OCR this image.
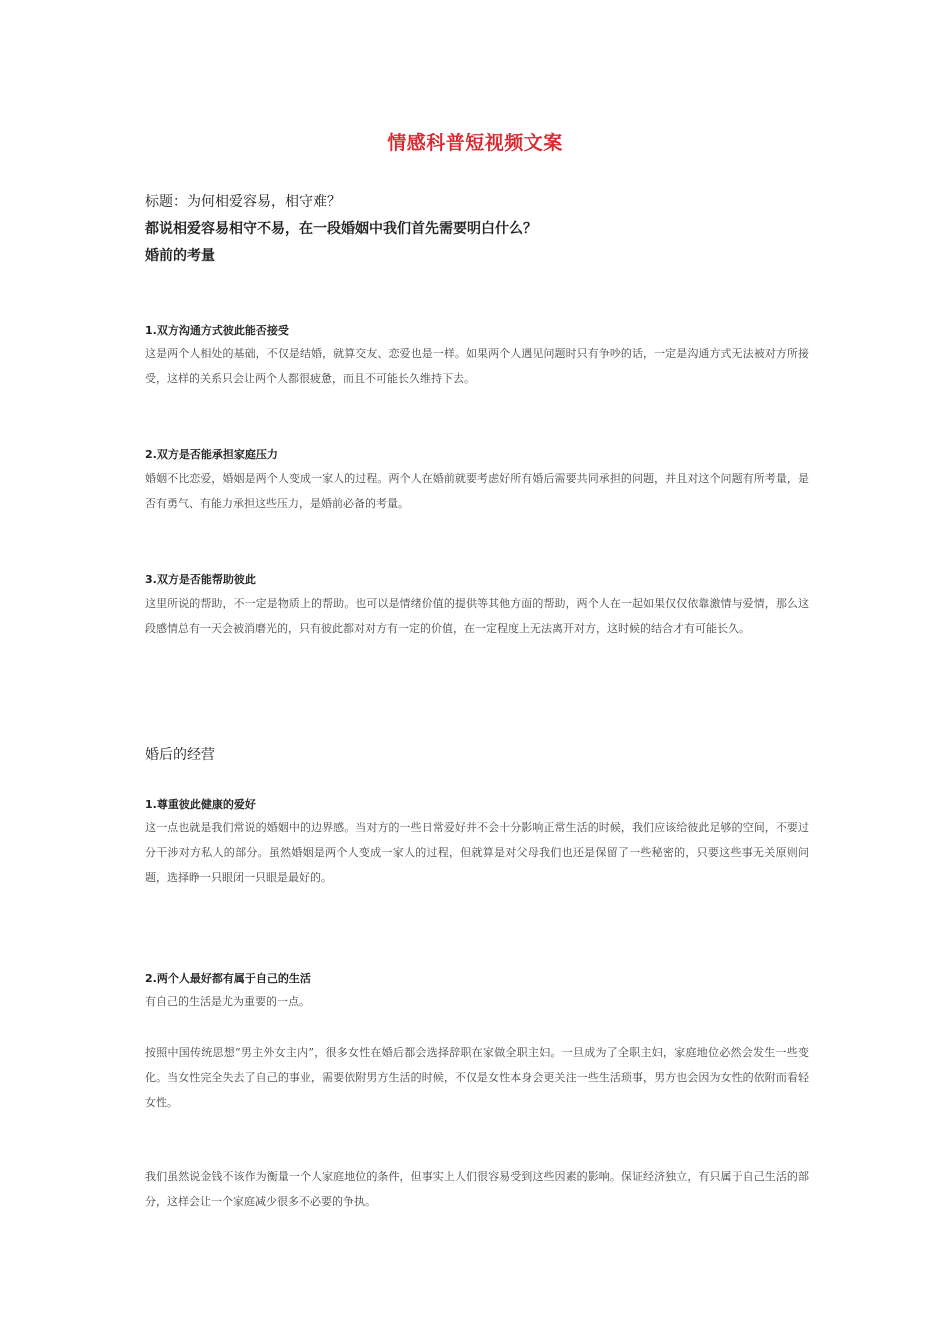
情感科普短视频文案
标题：为何相爱容易，相守难？
都说相爱容易相守不易，在一段婚姻中我们首先需要明白什么？
婚前的考量
1.双方沟通方式彼此能否接受
这是两个人相处的基础，不仅是结婚，就算交友、恋爱也是一样。如果两个人遇见问题时只有争吵的话，一定是沟通方式无法被对方所接受，这样的关系只会让两个人都很疲惫，而且不可能长久维持下去。
2.双方是否能承担家庭压力
婚姻不比恋爱，婚姻是两个人变成一家人的过程。两个人在婚前就要考虑好所有婚后需要共同承担的问题，并且对这个问题有所考量，是否有勇气、有能力承担这些压力，是婚前必备的考量。
3.双方是否能帮助彼此
这里所说的帮助，不一定是物质上的帮助。也可以是情绪价值的提供等其他方面的帮助，两个人在一起如果仅仅依靠激情与爱情，那么这段感情总有一天会被消磨光的，只有彼此都对对方有一定的价值，在一定程度上无法离开对方，这时候的结合才有可能长久。
婚后的经营
1.尊重彼此健康的爱好
这一点也就是我们常说的婚姻中的边界感。当对方的一些日常爱好并不会十分影响正常生活的时候，我们应该给彼此足够的空间，不要过分干涉对方私人的部分。虽然婚姻是两个人变成一家人的过程，但就算是对父母我们也还是保留了一些秘密的，只要这些事无关原则问题，选择睁一只眼闭一只眼是最好的。
2.两个人最好都有属于自己的生活
有自己的生活是尤为重要的一点。
按照中国传统思想“男主外女主内”，很多女性在婚后都会选择辞职在家做全职主妇。一旦成为了全职主妇，家庭地位必然会发生一些变化。当女性完全失去了自己的事业，需要依附男方生活的时候，不仅是女性本身会更关注一些生活琐事，男方也会因为女性的依附而看轻女性。
我们虽然说金钱不该作为衡量一个人家庭地位的条件，但事实上人们很容易受到这些因素的影响。保证经济独立，有只属于自己生活的部分，这样会让一个家庭减少很多不必要的争执。
